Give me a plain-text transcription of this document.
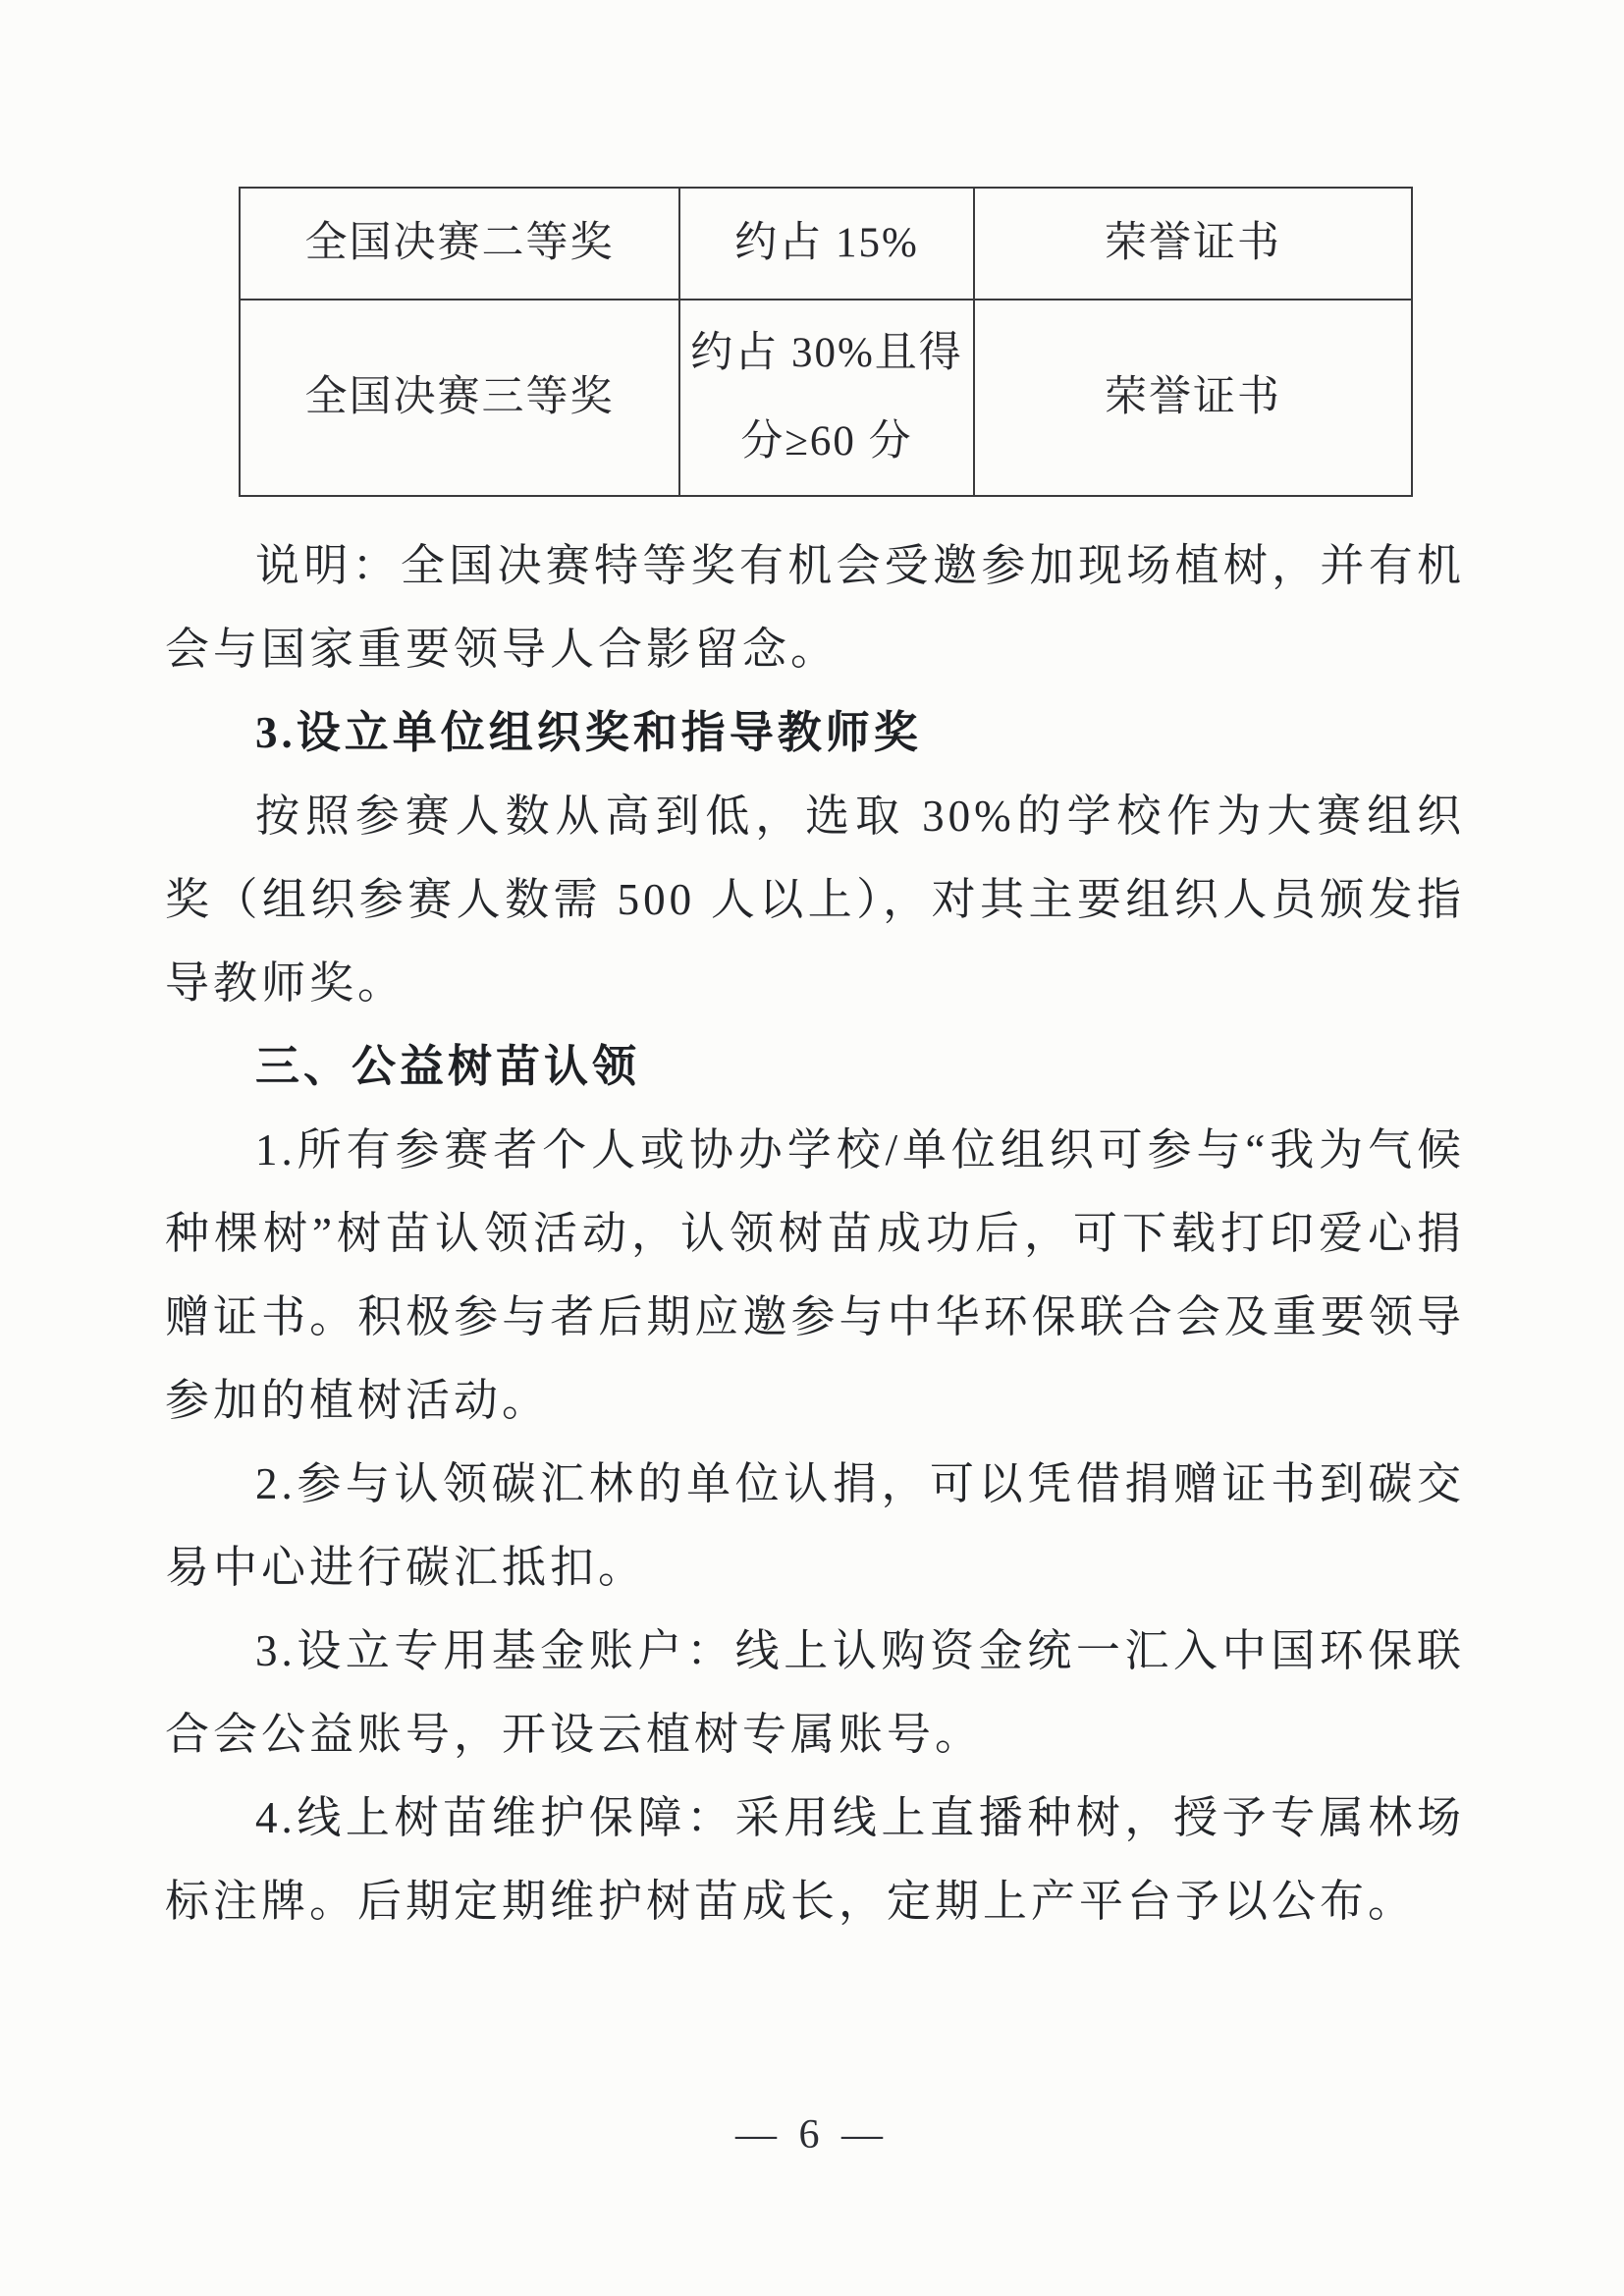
全国决赛二等奖	约占 15%	荣誉证书
全国决赛三等奖	约占 30%且得分≥60 分	荣誉证书

说明：全国决赛特等奖有机会受邀参加现场植树，并有机会与国家重要领导人合影留念。

3.设立单位组织奖和指导教师奖

按照参赛人数从高到低，选取 30%的学校作为大赛组织奖（组织参赛人数需 500 人以上），对其主要组织人员颁发指导教师奖。

三、公益树苗认领

1.所有参赛者个人或协办学校/单位组织可参与“我为气候种棵树”树苗认领活动，认领树苗成功后，可下载打印爱心捐赠证书。积极参与者后期应邀参与中华环保联合会及重要领导参加的植树活动。

2.参与认领碳汇林的单位认捐，可以凭借捐赠证书到碳交易中心进行碳汇抵扣。

3.设立专用基金账户：线上认购资金统一汇入中国环保联合会公益账号，开设云植树专属账号。

4.线上树苗维护保障：采用线上直播种树，授予专属林场标注牌。后期定期维护树苗成长，定期上产平台予以公布。

— 6 —
